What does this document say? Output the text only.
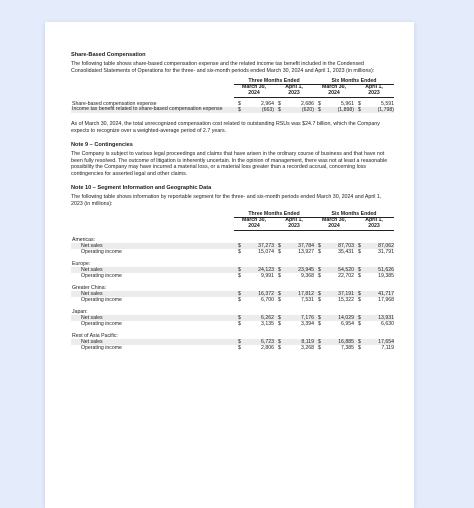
Share-Based Compensation

The following table shows share-based compensation expense and the related income tax benefit included in the Condensed Consolidated Statements of Operations for the three- and six-month periods ended March 30, 2024 and April 1, 2023 (in millions):

	Three Months Ended				Six Months Ended			
	March 30,
2024		April 1,
2023		March 30,
2024		April 1,
2023	

Share-based compensation expense	$	2,964	$	2,686	$	5,961	$	5,591
Income tax benefit related to share-based compensation expense	$	(663)	$	(620)	$	(1,898)	$	(1,798)

As of March 30, 2024, the total unrecognized compensation cost related to outstanding RSUs was $24.7 billion, which the Company expects to recognize over a weighted-average period of 2.7 years.

Note 9 – Contingencies

The Company is subject to various legal proceedings and claims that have arisen in the ordinary course of business and that have not been fully resolved. The outcome of litigation is inherently uncertain. In the opinion of management, there was not at least a reasonable possibility the Company may have incurred a material loss, or a material loss greater than a recorded accrual, concerning loss contingencies for asserted legal and other claims.

Note 10 – Segment Information and Geographic Data

The following table shows information by reportable segment for the three- and six-month periods ended March 30, 2024 and April 1, 2023 (in millions):

	Three Months Ended				Six Months Ended			
	March 30,
2024		April 1,
2023		March 30,
2024		April 1,
2023	

Americas:								
Net sales	$	37,273	$	37,784	$	87,703	$	87,062
Operating income	$	15,074	$	13,927	$	35,431	$	31,791

Europe:								
Net sales	$	24,123	$	23,945	$	54,520	$	51,626
Operating income	$	9,991	$	9,368	$	22,702	$	19,385

Greater China:								
Net sales	$	16,372	$	17,812	$	37,191	$	41,717
Operating income	$	6,700	$	7,531	$	15,322	$	17,968

Japan:								
Net sales	$	6,262	$	7,176	$	14,029	$	13,931
Operating income	$	3,135	$	3,394	$	6,954	$	6,630

Rest of Asia Pacific:								
Net sales	$	6,723	$	8,119	$	16,885	$	17,654
Operating income	$	2,806	$	3,268	$	7,385	$	7,119
